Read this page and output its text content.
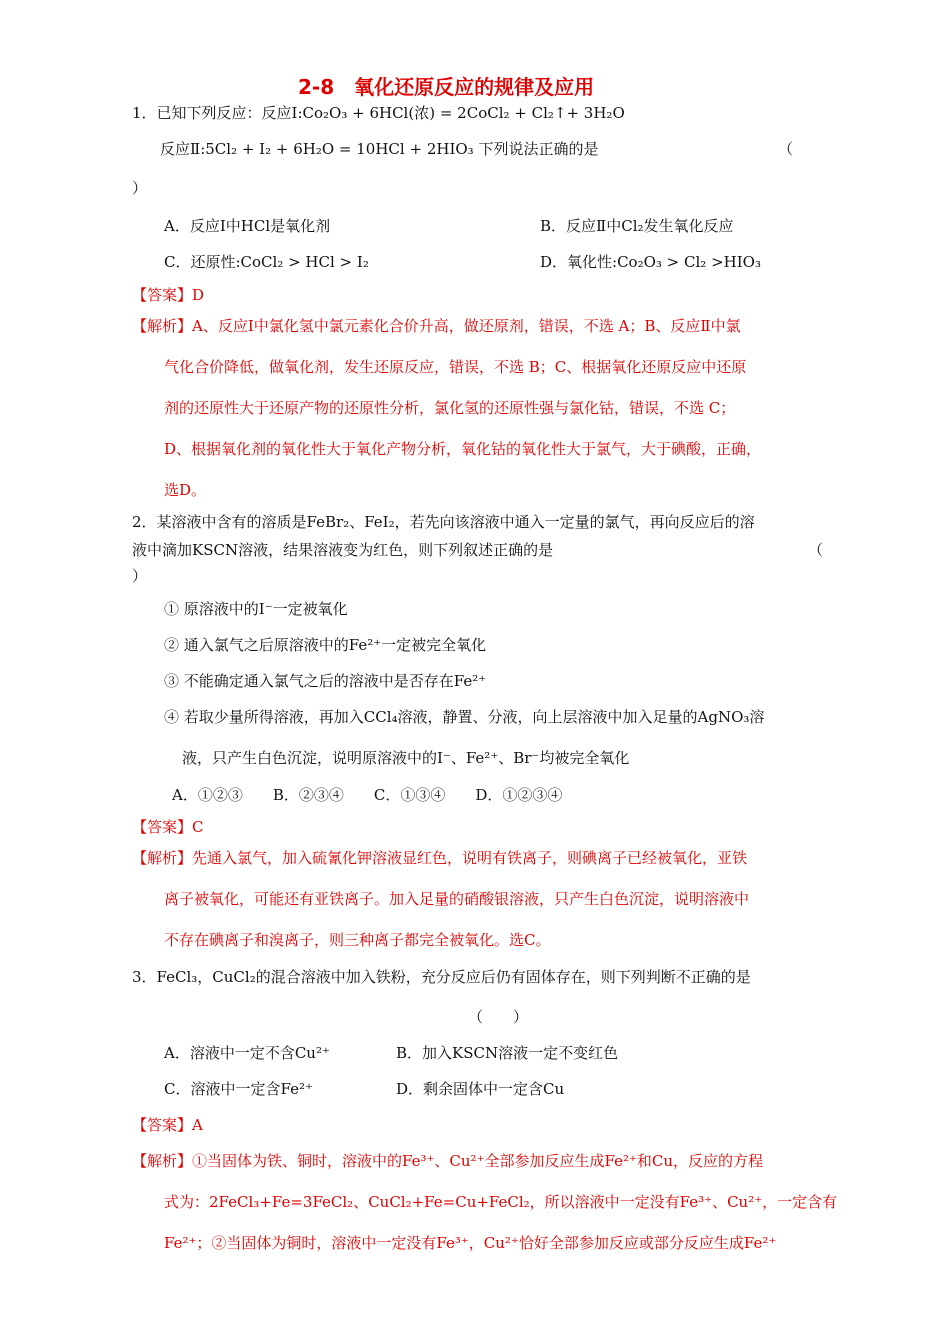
2-8　氧化还原反应的规律及应用
1．已知下列反应：反应Ⅰ:Co₂O₃ + 6HCl(浓) = 2CoCl₂ + Cl₂↑+ 3H₂O
反应Ⅱ:5Cl₂ + I₂ + 6H₂O = 10HCl + 2HIO₃ 下列说法正确的是	（
）
A．反应Ⅰ中HCl是氧化剂	B．反应Ⅱ中Cl₂发生氧化反应
C．还原性:CoCl₂ > HCl > I₂	D．氧化性:Co₂O₃ > Cl₂ >HIO₃
【答案】D
【解析】A、反应Ⅰ中氯化氢中氯元素化合价升高，做还原剂，错误，不选 A；B、反应Ⅱ中氯
气化合价降低，做氧化剂，发生还原反应，错误，不选 B；C、根据氧化还原反应中还原
剂的还原性大于还原产物的还原性分析，氯化氢的还原性强与氯化钴，错误，不选 C；
D、根据氧化剂的氧化性大于氧化产物分析，氧化钴的氧化性大于氯气，大于碘酸，正确，
选D。
2．某溶液中含有的溶质是FeBr₂、FeI₂，若先向该溶液中通入一定量的氯气，再向反应后的溶
液中滴加KSCN溶液，结果溶液变为红色，则下列叙述正确的是	（
）
① 原溶液中的I⁻一定被氧化
② 通入氯气之后原溶液中的Fe²⁺一定被完全氧化
③ 不能确定通入氯气之后的溶液中是否存在Fe²⁺
④ 若取少量所得溶液，再加入CCl₄溶液，静置、分液，向上层溶液中加入足量的AgNO₃溶
液，只产生白色沉淀，说明原溶液中的I⁻、Fe²⁺、Br⁻均被完全氧化
A．①②③　　B．②③④　　C．①③④　　D．①②③④
【答案】C
【解析】先通入氯气，加入硫氰化钾溶液显红色，说明有铁离子，则碘离子已经被氧化，亚铁
离子被氧化，可能还有亚铁离子。加入足量的硝酸银溶液，只产生白色沉淀，说明溶液中
不存在碘离子和溴离子，则三种离子都完全被氧化。选C。
3．FeCl₃，CuCl₂的混合溶液中加入铁粉，充分反应后仍有固体存在，则下列判断不正确的是
（　　）
A．溶液中一定不含Cu²⁺	B．加入KSCN溶液一定不变红色
C．溶液中一定含Fe²⁺	D．剩余固体中一定含Cu
【答案】A
【解析】①当固体为铁、铜时，溶液中的Fe³⁺、Cu²⁺全部参加反应生成Fe²⁺和Cu，反应的方程
式为：2FeCl₃+Fe=3FeCl₂、CuCl₂+Fe=Cu+FeCl₂，所以溶液中一定没有Fe³⁺、Cu²⁺，一定含有
Fe²⁺；②当固体为铜时，溶液中一定没有Fe³⁺，Cu²⁺恰好全部参加反应或部分反应生成Fe²⁺
